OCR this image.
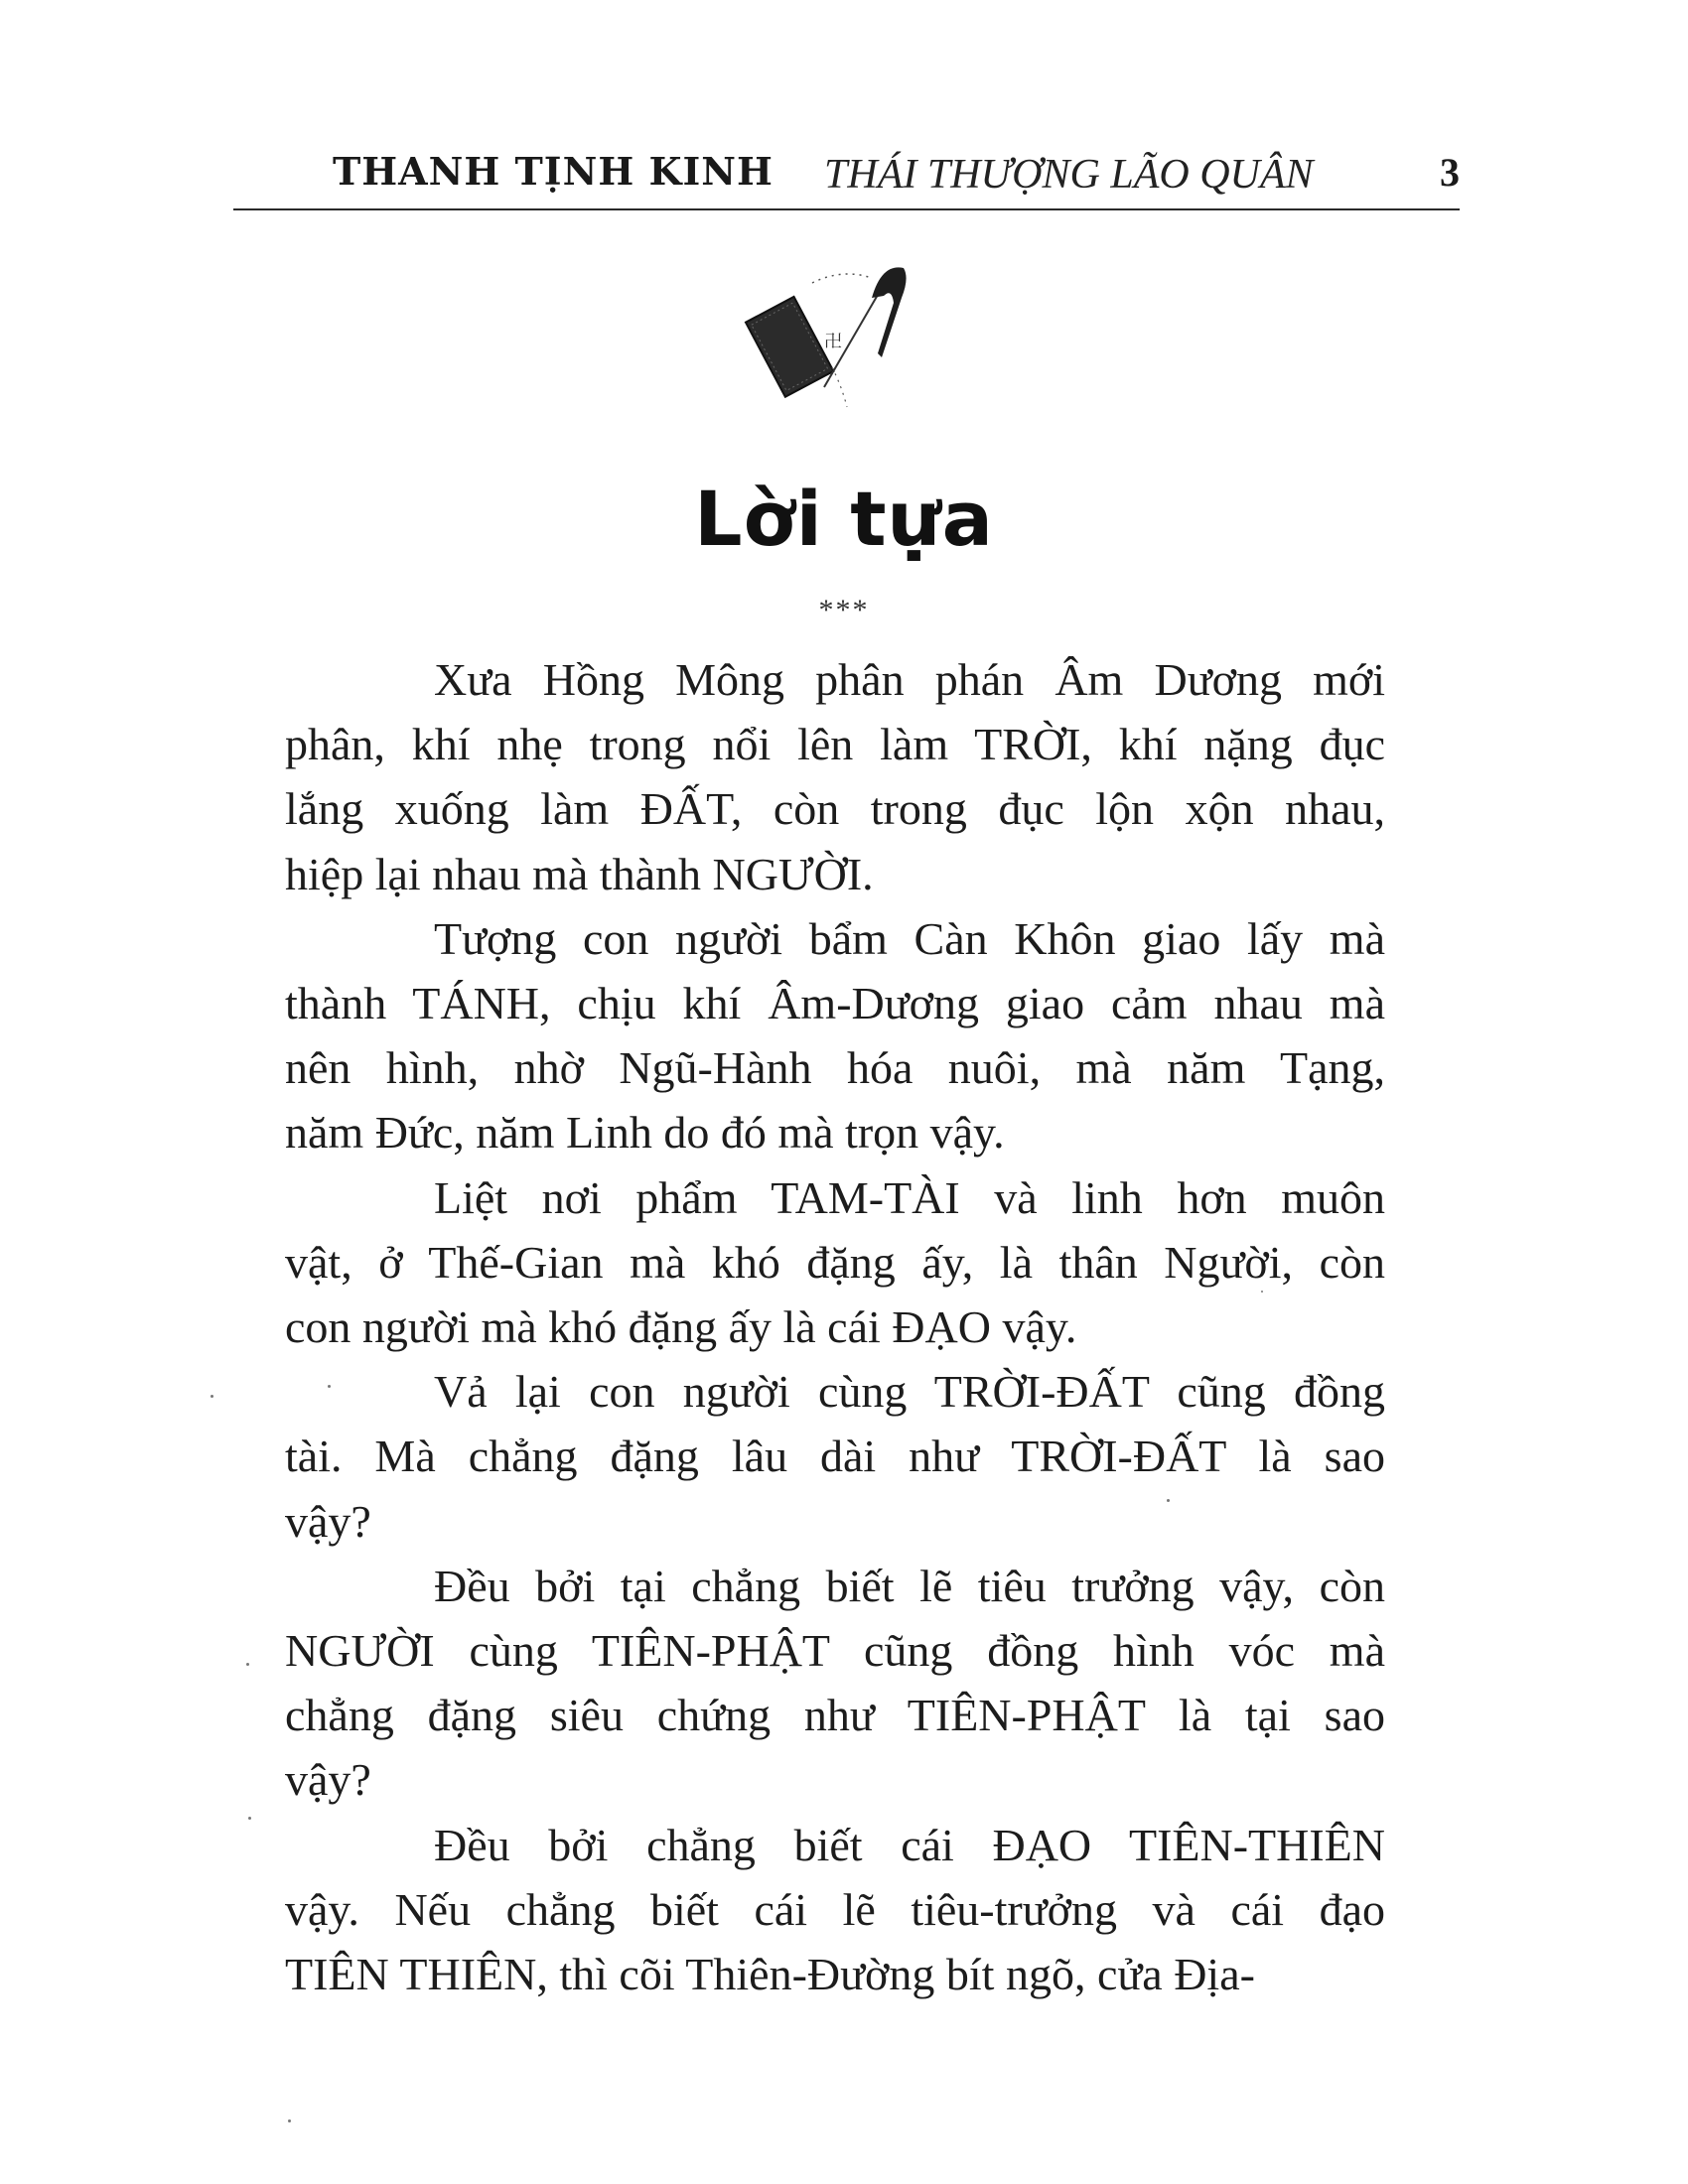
THANH TỊNH KINH THÁI THƯỢNG LÃO QUÂN	3
卍
Lời tựa
***
Xưa Hồng Mông phân phán Âm Dương mới
phân, khí nhẹ trong nổi lên làm TRỜI, khí nặng đục
lắng xuống làm ĐẤT, còn trong đục lộn xộn nhau,
hiệp lại nhau mà thành NGƯỜI.
Tượng con người bẩm Càn Khôn giao lấy mà
thành TÁNH, chịu khí Âm-Dương giao cảm nhau mà
nên hình, nhờ Ngũ-Hành hóa nuôi, mà năm Tạng,
năm Đức, năm Linh do đó mà trọn vậy.
Liệt nơi phẩm TAM-TÀI và linh hơn muôn
vật, ở Thế-Gian mà khó đặng ấy, là thân Người, còn
con người mà khó đặng ấy là cái ĐẠO vậy.
Vả lại con người cùng TRỜI-ĐẤT cũng đồng
tài. Mà chẳng đặng lâu dài như TRỜI-ĐẤT là sao
vậy?
Đều bởi tại chẳng biết lẽ tiêu trưởng vậy, còn
NGƯỜI cùng TIÊN-PHẬT cũng đồng hình vóc mà
chẳng đặng siêu chứng như TIÊN-PHẬT là tại sao
vậy?
Đều bởi chẳng biết cái ĐẠO TIÊN-THIÊN
vậy. Nếu chẳng biết cái lẽ tiêu-trưởng và cái đạo
TIÊN THIÊN, thì cõi Thiên-Đường bít ngõ, cửa Địa-
